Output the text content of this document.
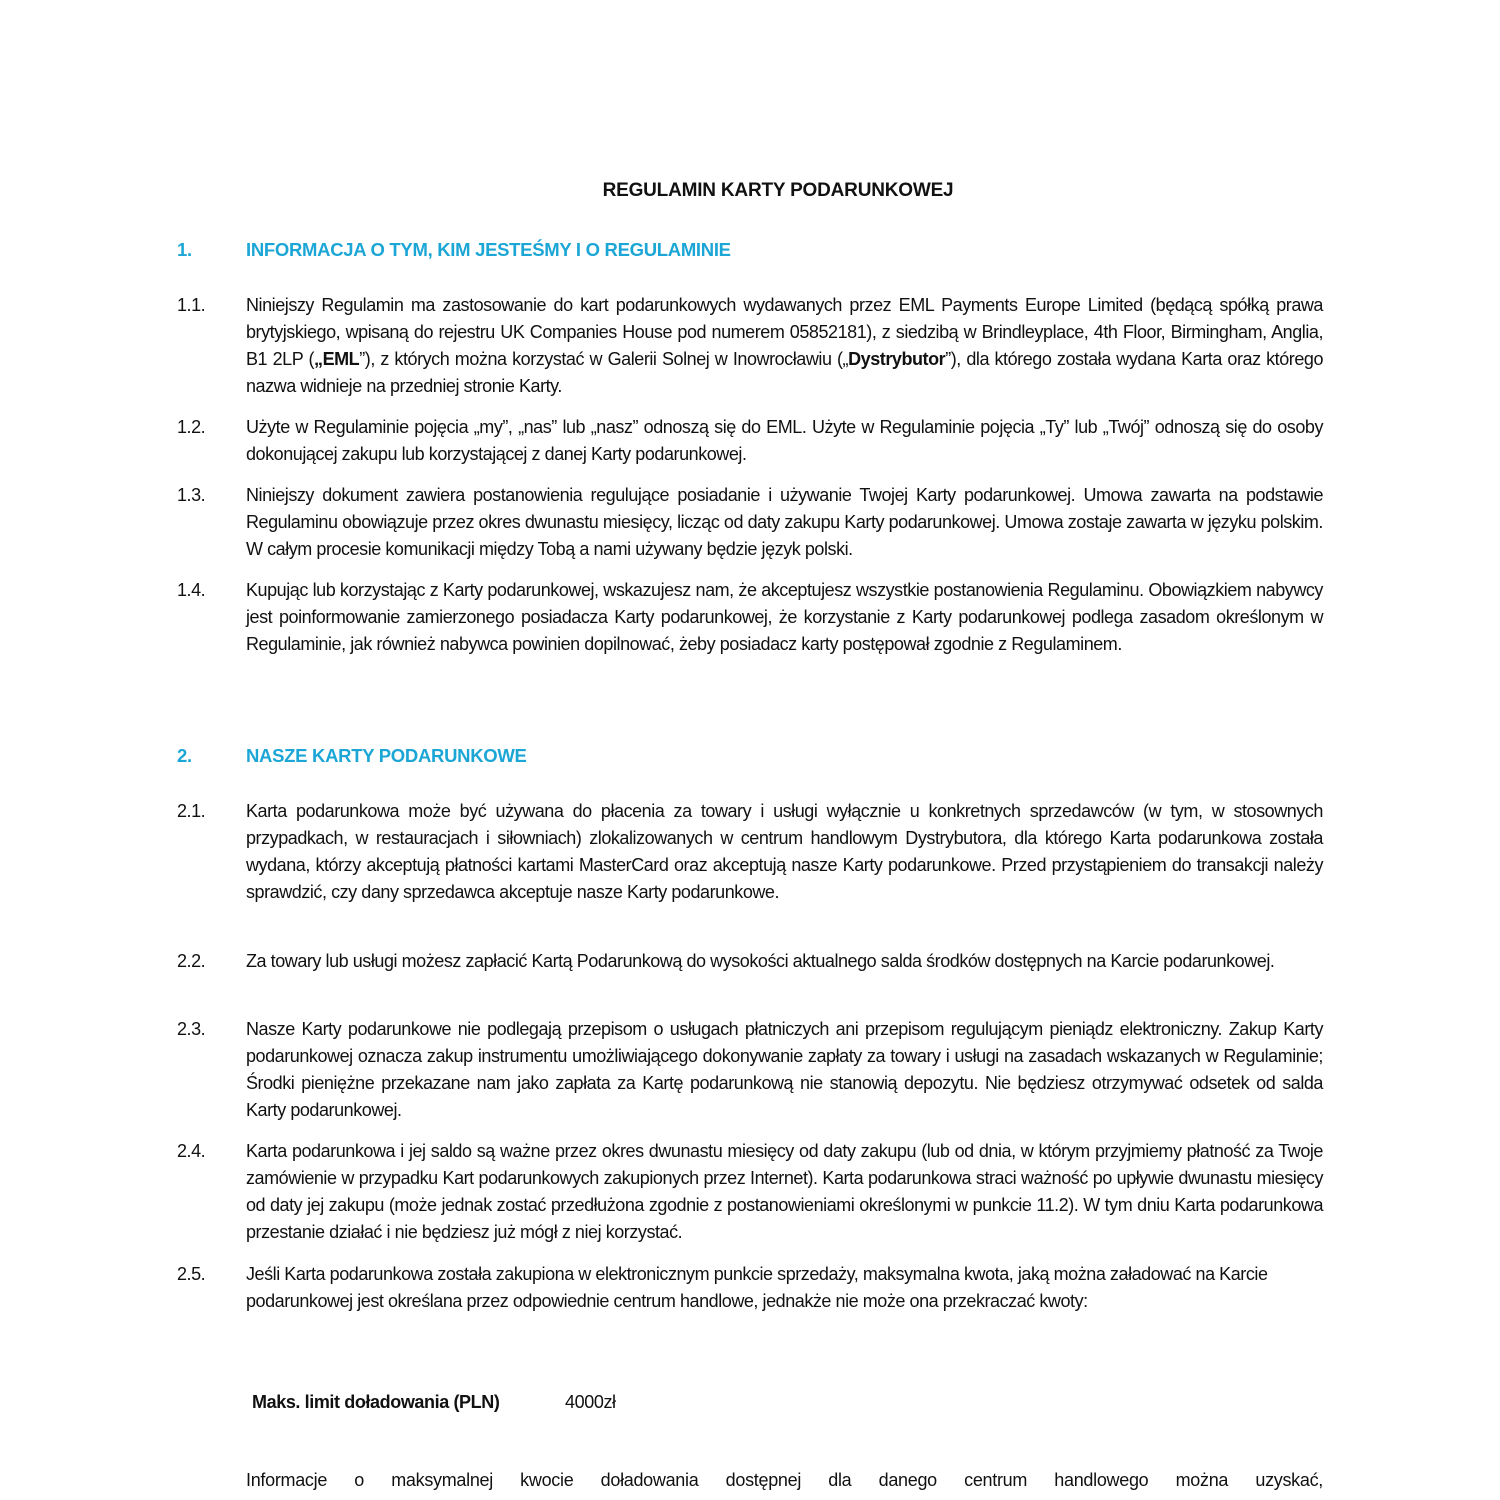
REGULAMIN KARTY PODARUNKOWEJ
1.	INFORMACJA O TYM, KIM JESTEŚMY I O REGULAMINIE
1.1. Niniejszy Regulamin ma zastosowanie do kart podarunkowych wydawanych przez EML Payments Europe Limited (będącą spółką prawa brytyjskiego, wpisaną do rejestru UK Companies House pod numerem 05852181), z siedzibą w Brindleyplace, 4th Floor, Birmingham, Anglia, B1 2LP („EML”), z których można korzystać w Galerii Solnej w Inowrocławiu („Dystrybutor”), dla którego została wydana Karta oraz którego nazwa widnieje na przedniej stronie Karty.
1.2. Użyte w Regulaminie pojęcia „my”, „nas” lub „nasz” odnoszą się do EML. Użyte w Regulaminie pojęcia „Ty” lub „Twój” odnoszą się do osoby dokonującej zakupu lub korzystającej z danej Karty podarunkowej.
1.3. Niniejszy dokument zawiera postanowienia regulujące posiadanie i używanie Twojej Karty podarunkowej. Umowa zawarta na podstawie Regulaminu obowiązuje przez okres dwunastu miesięcy, licząc od daty zakupu Karty podarunkowej. Umowa zostaje zawarta w języku polskim. W całym procesie komunikacji między Tobą a nami używany będzie język polski.
1.4. Kupując lub korzystając z Karty podarunkowej, wskazujesz nam, że akceptujesz wszystkie postanowienia Regulaminu. Obowiązkiem nabywcy jest poinformowanie zamierzonego posiadacza Karty podarunkowej, że korzystanie z Karty podarunkowej podlega zasadom określonym w Regulaminie, jak również nabywca powinien dopilnować, żeby posiadacz karty postępował zgodnie z Regulaminem.
2.	NASZE KARTY PODARUNKOWE
2.1. Karta podarunkowa może być używana do płacenia za towary i usługi wyłącznie u konkretnych sprzedawców (w tym, w stosownych przypadkach, w restauracjach i siłowniach) zlokalizowanych w centrum handlowym Dystrybutora, dla którego Karta podarunkowa została wydana, którzy akceptują płatności kartami MasterCard oraz akceptują nasze Karty podarunkowe. Przed przystąpieniem do transakcji należy sprawdzić, czy dany sprzedawca akceptuje nasze Karty podarunkowe.
2.2. Za towary lub usługi możesz zapłacić Kartą Podarunkową do wysokości aktualnego salda środków dostępnych na Karcie podarunkowej.
2.3. Nasze Karty podarunkowe nie podlegają przepisom o usługach płatniczych ani przepisom regulującym pieniądz elektroniczny. Zakup Karty podarunkowej oznacza zakup instrumentu umożliwiającego dokonywanie zapłaty za towary i usługi na zasadach wskazanych w Regulaminie; Środki pieniężne przekazane nam jako zapłata za Kartę podarunkową nie stanowią depozytu. Nie będziesz otrzymywać odsetek od salda Karty podarunkowej.
2.4. Karta podarunkowa i jej saldo są ważne przez okres dwunastu miesięcy od daty zakupu (lub od dnia, w którym przyjmiemy płatność za Twoje zamówienie w przypadku Kart podarunkowych zakupionych przez Internet). Karta podarunkowa straci ważność po upływie dwunastu miesięcy od daty jej zakupu (może jednak zostać przedłużona zgodnie z postanowieniami określonymi w punkcie 11.2). W tym dniu Karta podarunkowa przestanie działać i nie będziesz już mógł z niej korzystać.
2.5. Jeśli Karta podarunkowa została zakupiona w elektronicznym punkcie sprzedaży, maksymalna kwota, jaką można załadować na Karcie podarunkowej jest określana przez odpowiednie centrum handlowe, jednakże nie może ona przekraczać kwoty:
Maks. limit doładowania (PLN)	4000zł
Informacje o maksymalnej kwocie doładowania dostępnej dla danego centrum handlowego można uzyskać,
